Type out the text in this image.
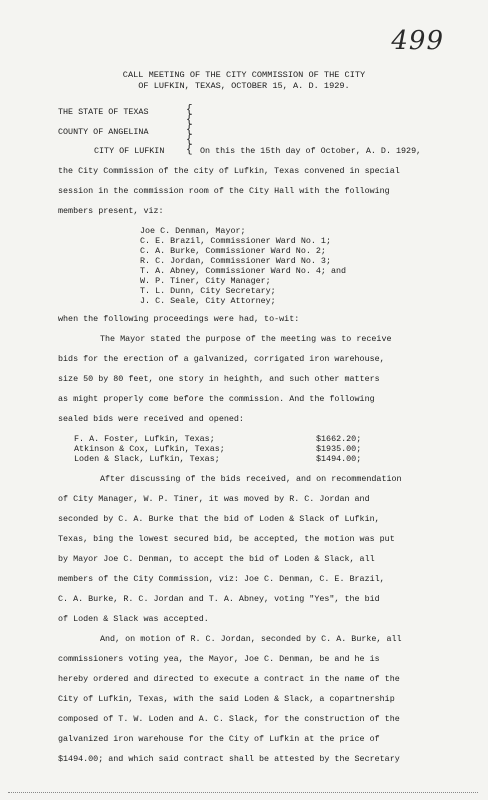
499
CALL MEETING OF THE CITY COMMISSION OF THE CITY
OF LUFKIN, TEXAS, OCTOBER 15, A. D. 1929.
THE STATE OF TEXAS
COUNTY OF ANGELINA
CITY OF LUFKIN
{
{
{
{
{ On this the 15th day of October, A. D. 1929,
the City Commission of the city of Lufkin, Texas convened in special
session in the commission room of the City Hall with the following
members present, viz:
Joe C. Denman, Mayor;
C. E. Brazil, Commissioner Ward No. 1;
C. A. Burke, Commissioner Ward No. 2;
R. C. Jordan, Commissioner Ward No. 3;
T. A. Abney, Commissioner Ward No. 4; and
W. P. Tiner, City Manager;
T. L. Dunn, City Secretary;
J. C. Seale, City Attorney;
when the following proceedings were had, to-wit:
The Mayor stated the purpose of the meeting was to receive
bids for the erection of a galvanized, corrigated iron warehouse,
size 50 by 80 feet, one story in heighth, and such other matters
as might properly come before the commission. And the following
sealed bids were received and opened:
F. A. Foster, Lufkin, Texas;	$1662.20;
Atkinson & Cox, Lufkin, Texas;	$1935.00;
Loden & Slack, Lufkin, Texas;	$1494.00;
After discussing of the bids received, and on recommendation
of City Manager, W. P. Tiner, it was moved by R. C. Jordan and
seconded by C. A. Burke that the bid of Loden & Slack of Lufkin,
Texas, bing the lowest secured bid, be accepted, the motion was put
by Mayor Joe C. Denman, to accept the bid of Loden & Slack, all
members of the City Commission, viz: Joe C. Denman, C. E. Brazil,
C. A. Burke, R. C. Jordan and T. A. Abney, voting "Yes", the bid
of Loden & Slack was accepted.
And, on motion of R. C. Jordan, seconded by C. A. Burke, all
commissioners voting yea, the Mayor, Joe C. Denman, be and he is
hereby ordered and directed to execute a contract in the name of the
City of Lufkin, Texas, with the said Loden & Slack, a copartnership
composed of T. W. Loden and A. C. Slack, for the construction of the
galvanized iron warehouse for the City of Lufkin at the price of
$1494.00; and which said contract shall be attested by the Secretary
